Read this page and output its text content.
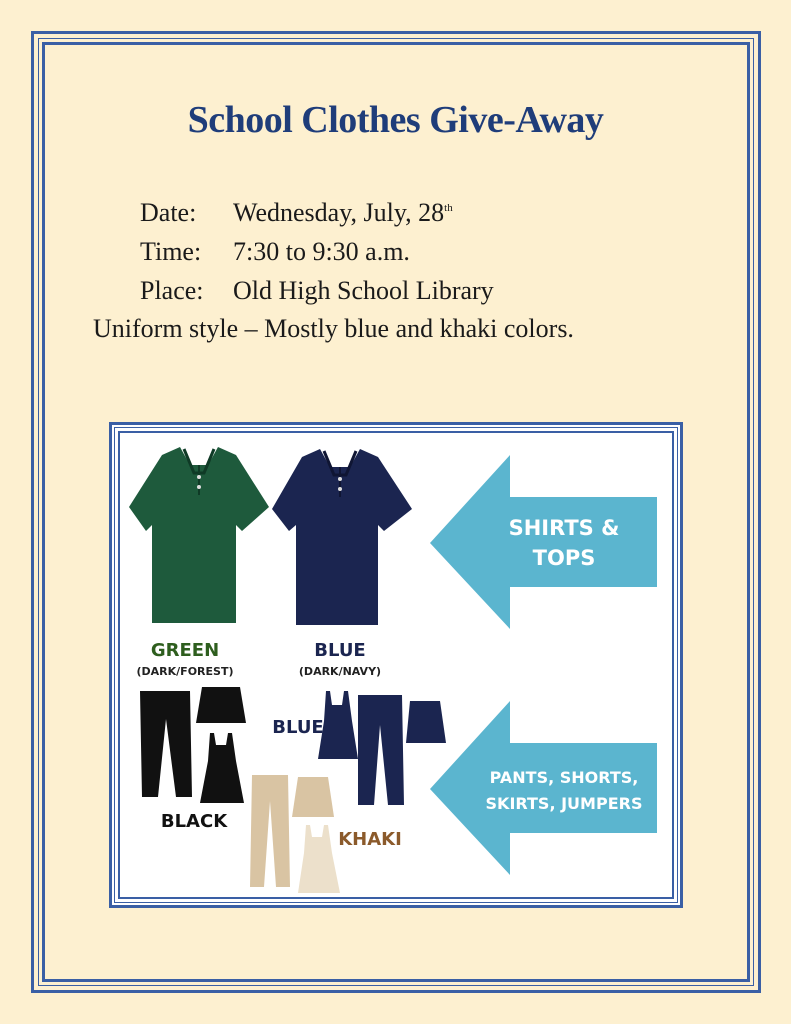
School Clothes Give-Away
Date: Wednesday, July, 28th
Time: 7:30 to 9:30 a.m.
Place: Old High School Library
Uniform style – Mostly blue and khaki colors.
SHIRTS &
TOPS
GREEN
(DARK/FOREST)
BLUE
(DARK/NAVY)
BLACK
BLUE
KHAKI
PANTS, SHORTS,
SKIRTS, JUMPERS
